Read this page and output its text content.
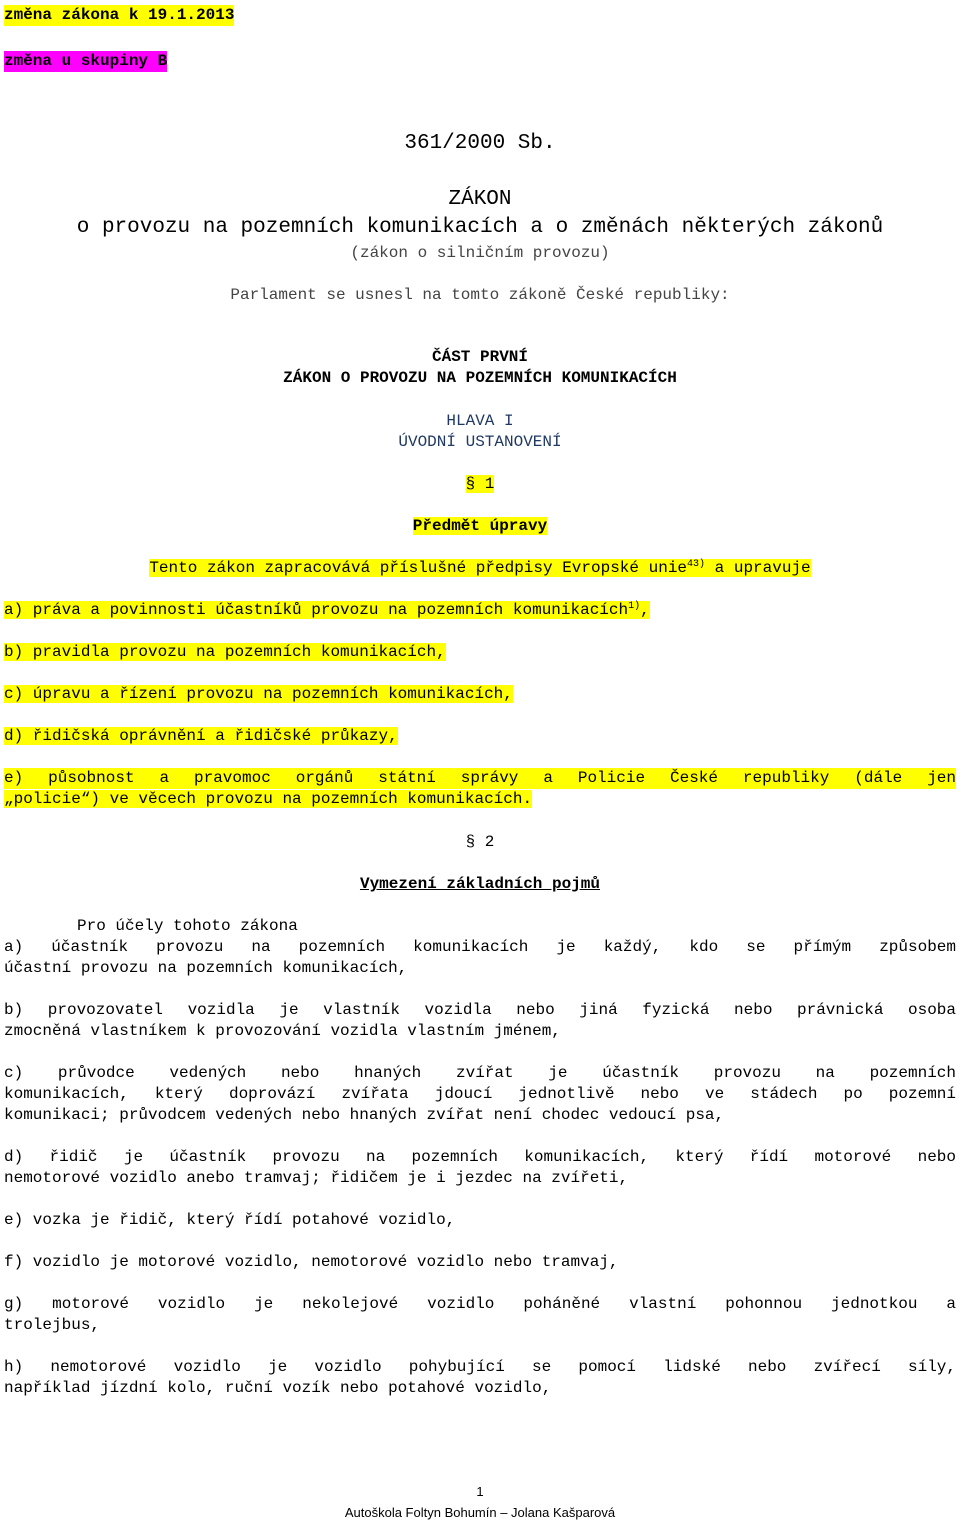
změna zákona k 19.1.2013
změna u skupiny B
361/2000 Sb.
ZÁKON
o provozu na pozemních komunikacích a o změnách některých zákonů
(zákon o silničním provozu)
Parlament se usnesl na tomto zákoně České republiky:
ČÁST PRVNÍ
ZÁKON O PROVOZU NA POZEMNÍCH KOMUNIKACÍCH
HLAVA I
ÚVODNÍ USTANOVENÍ
§ 1
Předmět úpravy
Tento zákon zapracovává příslušné předpisy Evropské unie$^{43)}$ a upravuje
a) práva a povinnosti účastníků provozu na pozemních komunikacích$^{1)}$,
b) pravidla provozu na pozemních komunikacích,
c) úpravu a řízení provozu na pozemních komunikacích,
d) řidičská oprávnění a řidičské průkazy,
e) působnost a pravomoc orgánů státní správy a Policie České republiky (dále jen
„policie“) ve věcech provozu na pozemních komunikacích.
§ 2
Vymezení základních pojmů
Pro účely tohoto zákona
a) účastník provozu na pozemních komunikacích je každý, kdo se přímým způsobem
účastní provozu na pozemních komunikacích,
b) provozovatel vozidla je vlastník vozidla nebo jiná fyzická nebo právnická osoba
zmocněná vlastníkem k provozování vozidla vlastním jménem,
c) průvodce vedených nebo hnaných zvířat je účastník provozu na pozemních
komunikacích, který doprovází zvířata jdoucí jednotlivě nebo ve stádech po pozemní
komunikaci; průvodcem vedených nebo hnaných zvířat není chodec vedoucí psa,
d) řidič je účastník provozu na pozemních komunikacích, který řídí motorové nebo
nemotorové vozidlo anebo tramvaj; řidičem je i jezdec na zvířeti,
e) vozka je řidič, který řídí potahové vozidlo,
f) vozidlo je motorové vozidlo, nemotorové vozidlo nebo tramvaj,
g) motorové vozidlo je nekolejové vozidlo poháněné vlastní pohonnou jednotkou a
trolejbus,
h) nemotorové vozidlo je vozidlo pohybující se pomocí lidské nebo zvířecí síly,
například jízdní kolo, ruční vozík nebo potahové vozidlo,
1
Autoškola Foltyn Bohumín – Jolana Kašparová
